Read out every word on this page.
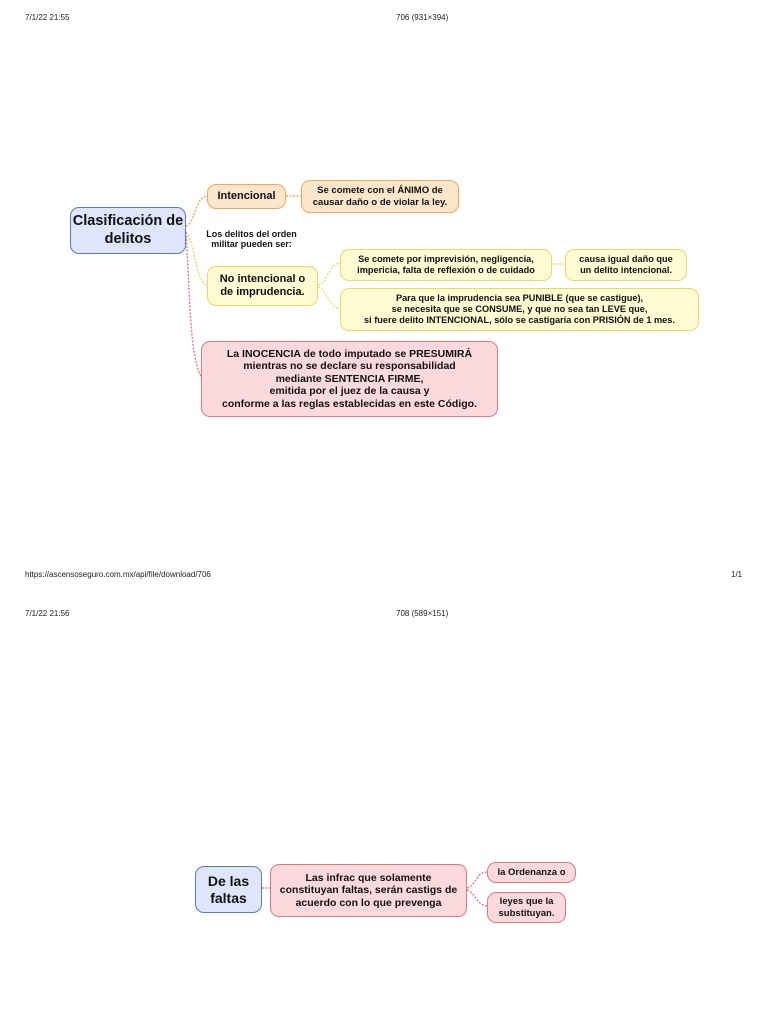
7/1/22 21:55	706 (931×394)
Clasificación de delitos
Intencional	Se comete con el ÁNIMO de causar daño o de violar la ley.
Los delitos del orden militar pueden ser:
No intencional o de imprudencia.
Se comete por imprevisión, negligencia, impericia, falta de reflexión o de cuidado
causa igual daño que un delito intencional.
Para que la imprudencia sea PUNIBLE (que se castigue),
se necesita que se CONSUME, y que no sea tan LEVE que,
si fuere delito INTENCIONAL, sólo se castigaría con PRISIÓN de 1 mes.
La INOCENCIA de todo imputado se PRESUMIRÁ
mientras no se declare su responsabilidad
mediante SENTENCIA FIRME,
emitida por el juez de la causa y
conforme a las reglas establecidas en este Código.
https://ascensoseguro.com.mx/api/file/download/706	1/1
7/1/22 21:56	708 (589×151)
De las faltas
Las infrac que solamente constituyan faltas, serán castigs de acuerdo con lo que prevenga
la Ordenanza o
leyes que la substituyan.
